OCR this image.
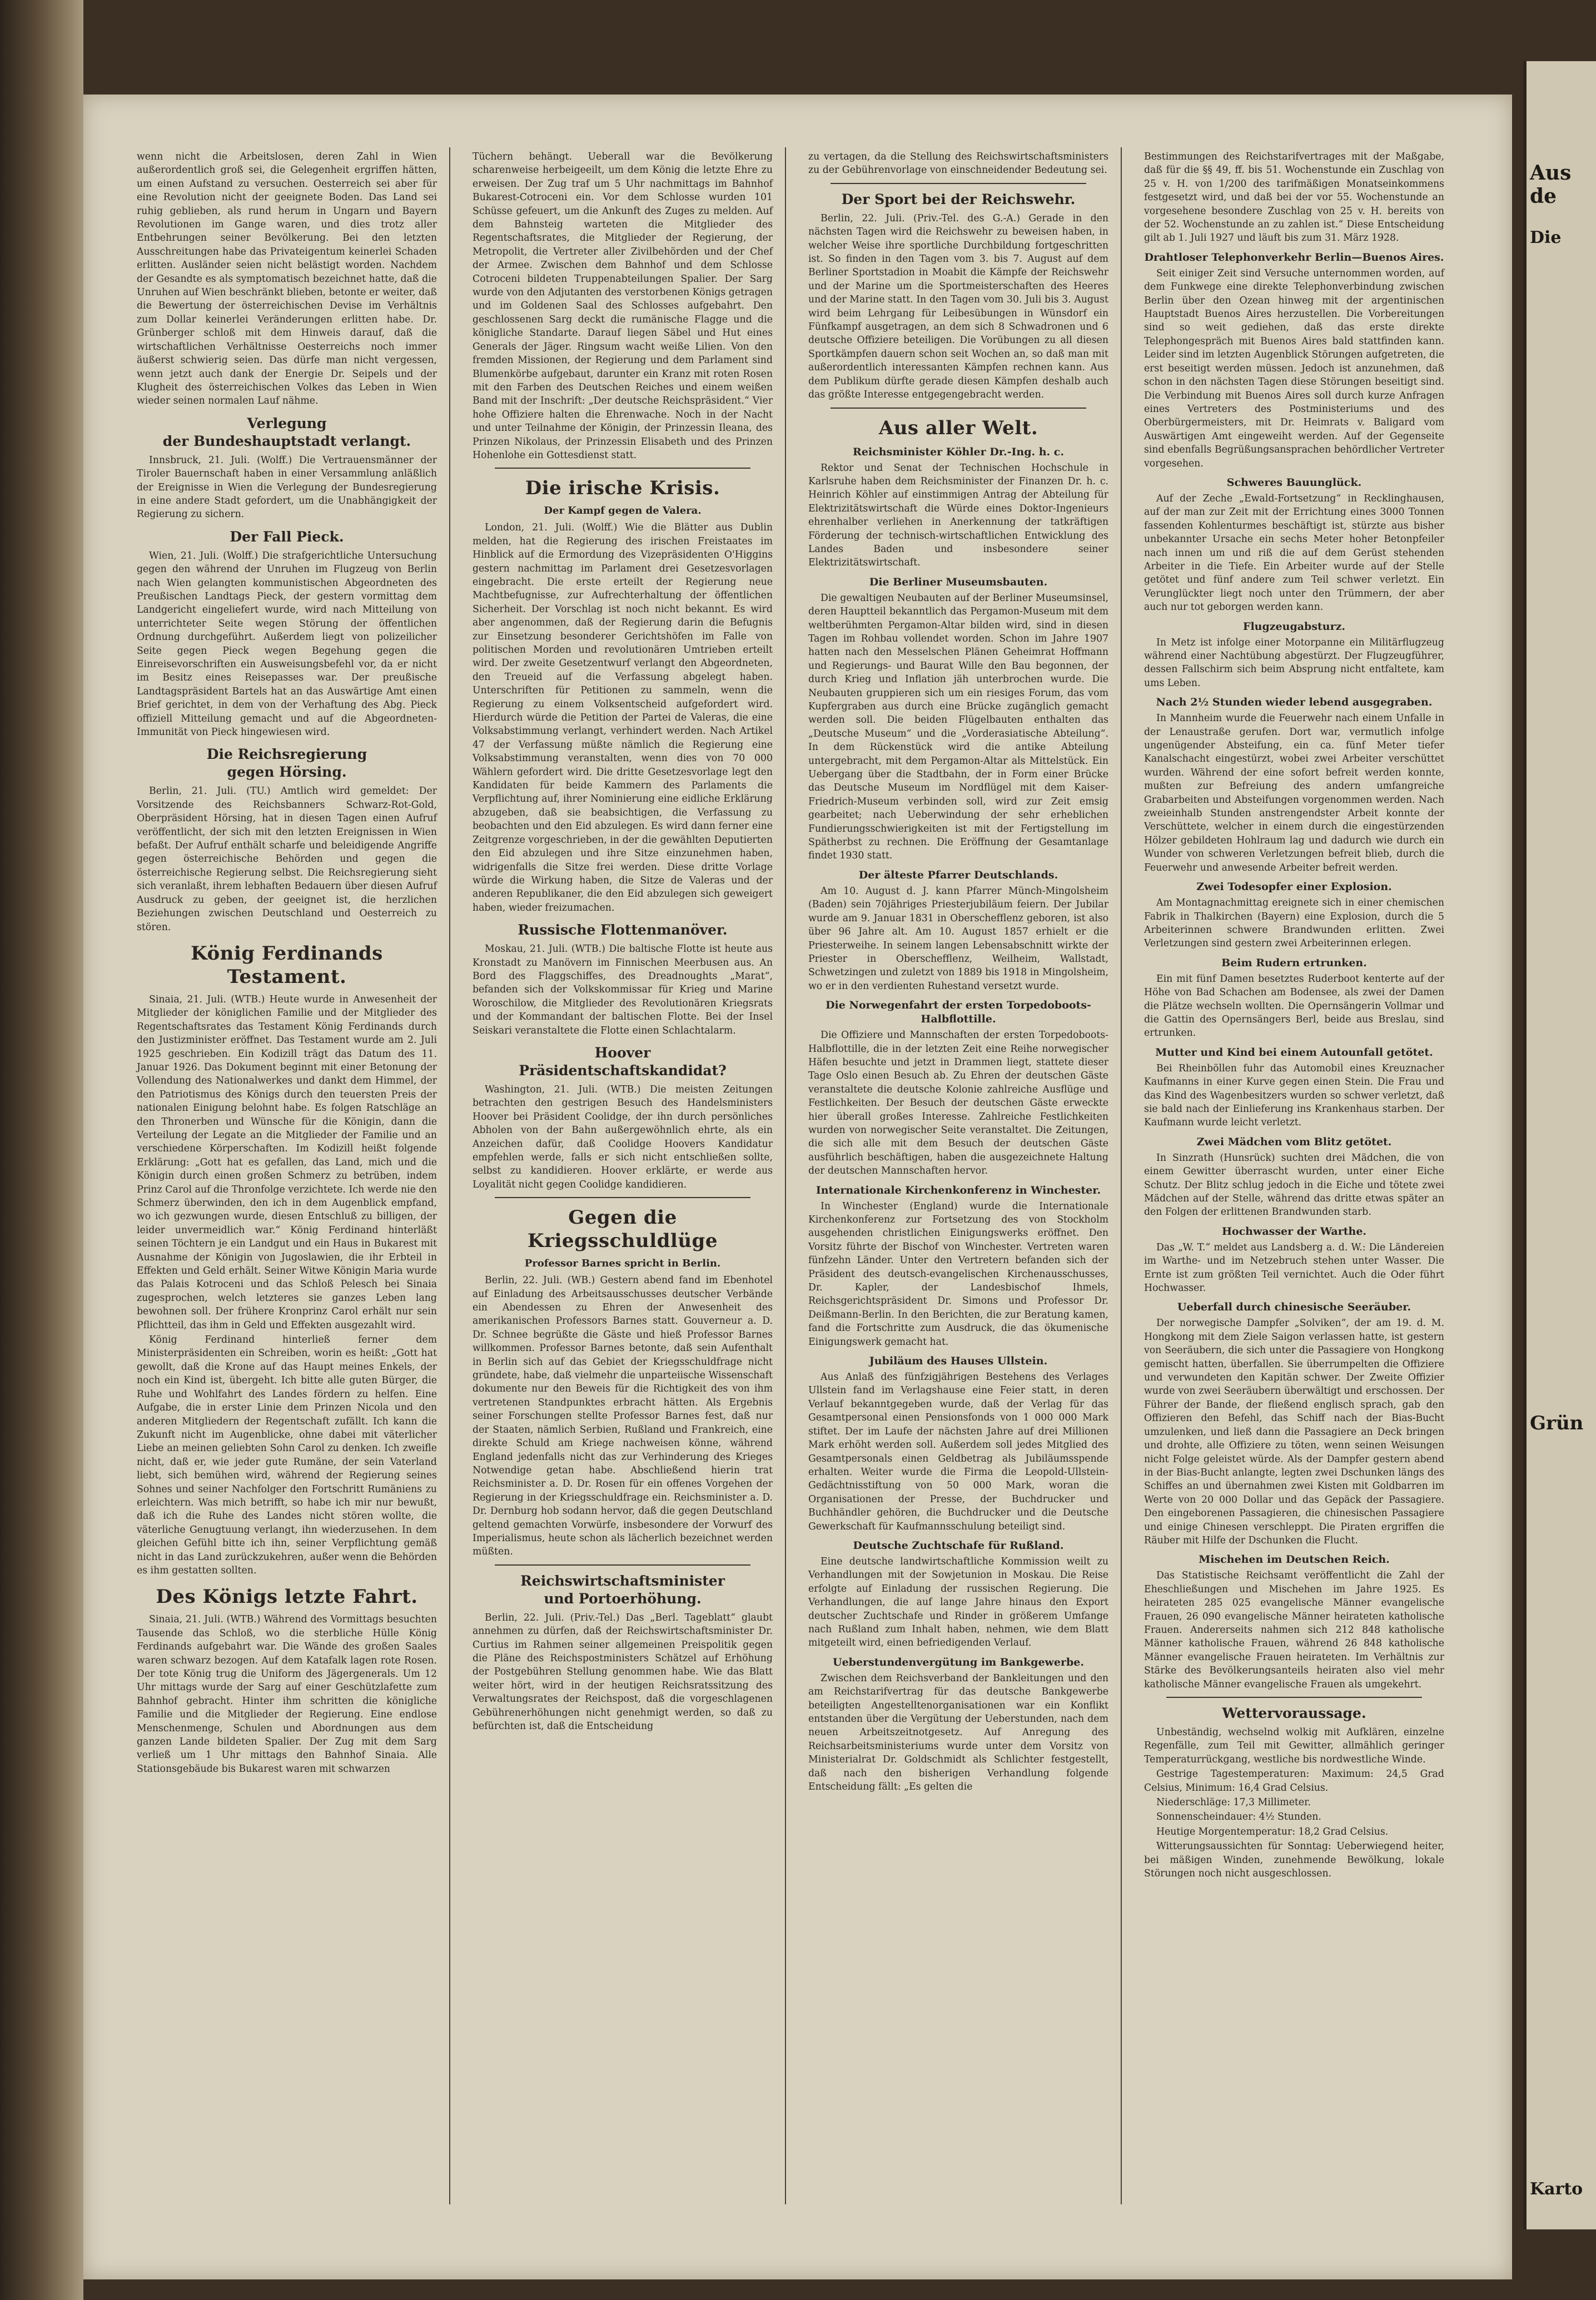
Aus de
Die
Grün
Karto

wenn nicht die Arbeitslosen, deren Zahl in Wien außerordentlich groß sei, die Gelegenheit ergriffen hätten, um einen Aufstand zu versuchen. Oesterreich sei aber für eine Revolution nicht der geeignete Boden. Das Land sei ruhig geblieben, als rund herum in Ungarn und Bayern Revolutionen im Gange waren, und dies trotz aller Entbehrungen seiner Bevölkerung. Bei den letzten Ausschreitungen habe das Privateigentum keinerlei Schaden erlitten. Ausländer seien nicht belästigt worden. Nachdem der Gesandte es als symptomatisch bezeichnet hatte, daß die Unruhen auf Wien beschränkt blieben, betonte er weiter, daß die Bewertung der österreichischen Devise im Verhältnis zum Dollar keinerlei Veränderungen erlitten habe. Dr. Grünberger schloß mit dem Hinweis darauf, daß die wirtschaftlichen Verhältnisse Oesterreichs noch immer äußerst schwierig seien. Das dürfe man nicht vergessen, wenn jetzt auch dank der Energie Dr. Seipels und der Klugheit des österreichischen Volkes das Leben in Wien wieder seinen normalen Lauf nähme.

Verlegung
der Bundeshauptstadt verlangt.

Innsbruck, 21. Juli. (Wolff.) Die Vertrauensmänner der Tiroler Bauernschaft haben in einer Versammlung anläßlich der Ereignisse in Wien die Verlegung der Bundesregierung in eine andere Stadt gefordert, um die Unabhängigkeit der Regierung zu sichern.

Der Fall Pieck.

Wien, 21. Juli. (Wolff.) Die strafgerichtliche Untersuchung gegen den während der Unruhen im Flugzeug von Berlin nach Wien gelangten kommunistischen Abgeordneten des Preußischen Landtags Pieck, der gestern vormittag dem Landgericht eingeliefert wurde, wird nach Mitteilung von unterrichteter Seite wegen Störung der öffentlichen Ordnung durchgeführt. Außerdem liegt von polizeilicher Seite gegen Pieck wegen Begehung gegen die Einreisevorschriften ein Ausweisungsbefehl vor, da er nicht im Besitz eines Reisepasses war. Der preußische Landtagspräsident Bartels hat an das Auswärtige Amt einen Brief gerichtet, in dem von der Verhaftung des Abg. Pieck offiziell Mitteilung gemacht und auf die Abgeordneten-Immunität von Pieck hingewiesen wird.

Die Reichsregierung
gegen Hörsing.

Berlin, 21. Juli. (TU.) Amtlich wird gemeldet: Der Vorsitzende des Reichsbanners Schwarz-Rot-Gold, Oberpräsident Hörsing, hat in diesen Tagen einen Aufruf veröffentlicht, der sich mit den letzten Ereignissen in Wien befaßt. Der Aufruf enthält scharfe und beleidigende Angriffe gegen österreichische Behörden und gegen die österreichische Regierung selbst. Die Reichsregierung sieht sich veranlaßt, ihrem lebhaften Bedauern über diesen Aufruf Ausdruck zu geben, der geeignet ist, die herzlichen Beziehungen zwischen Deutschland und Oesterreich zu stören.

König Ferdinands Testament.

Sinaia, 21. Juli. (WTB.) Heute wurde in Anwesenheit der Mitglieder der königlichen Familie und der Mitglieder des Regentschaftsrates das Testament König Ferdinands durch den Justizminister eröffnet. Das Testament wurde am 2. Juli 1925 geschrieben. Ein Kodizill trägt das Datum des 11. Januar 1926. Das Dokument beginnt mit einer Betonung der Vollendung des Nationalwerkes und dankt dem Himmel, der den Patriotismus des Königs durch den teuersten Preis der nationalen Einigung belohnt habe. Es folgen Ratschläge an den Thronerben und Wünsche für die Königin, dann die Verteilung der Legate an die Mitglieder der Familie und an verschiedene Körperschaften. Im Kodizill heißt folgende Erklärung: „Gott hat es gefallen, das Land, mich und die Königin durch einen großen Schmerz zu betrüben, indem Prinz Carol auf die Thronfolge verzichtete. Ich werde nie den Schmerz überwinden, den ich in dem Augenblick empfand, wo ich gezwungen wurde, diesen Entschluß zu billigen, der leider unvermeidlich war.“ König Ferdinand hinterläßt seinen Töchtern je ein Landgut und ein Haus in Bukarest mit Ausnahme der Königin von Jugoslawien, die ihr Erbteil in Effekten und Geld erhält. Seiner Witwe Königin Maria wurde das Palais Kotroceni und das Schloß Pelesch bei Sinaia zugesprochen, welch letzteres sie ganzes Leben lang bewohnen soll. Der frühere Kronprinz Carol erhält nur sein Pflichtteil, das ihm in Geld und Effekten ausgezahlt wird.

König Ferdinand hinterließ ferner dem Ministerpräsidenten ein Schreiben, worin es heißt: „Gott hat gewollt, daß die Krone auf das Haupt meines Enkels, der noch ein Kind ist, übergeht. Ich bitte alle guten Bürger, die Ruhe und Wohlfahrt des Landes fördern zu helfen. Eine Aufgabe, die in erster Linie dem Prinzen Nicola und den anderen Mitgliedern der Regentschaft zufällt. Ich kann die Zukunft nicht im Augenblicke, ohne dabei mit väterlicher Liebe an meinen geliebten Sohn Carol zu denken. Ich zweifle nicht, daß er, wie jeder gute Rumäne, der sein Vaterland liebt, sich bemühen wird, während der Regierung seines Sohnes und seiner Nachfolger den Fortschritt Rumäniens zu erleichtern. Was mich betrifft, so habe ich mir nur bewußt, daß ich die Ruhe des Landes nicht stören wollte, die väterliche Genugtuung verlangt, ihn wiederzusehen. In dem gleichen Gefühl bitte ich ihn, seiner Verpflichtung gemäß nicht in das Land zurückzukehren, außer wenn die Behörden es ihm gestatten sollten.

Des Königs letzte Fahrt.

Sinaia, 21. Juli. (WTB.) Während des Vormittags besuchten Tausende das Schloß, wo die sterbliche Hülle König Ferdinands aufgebahrt war. Die Wände des großen Saales waren schwarz bezogen. Auf dem Katafalk lagen rote Rosen. Der tote König trug die Uniform des Jägergenerals. Um 12 Uhr mittags wurde der Sarg auf einer Geschützlafette zum Bahnhof gebracht. Hinter ihm schritten die königliche Familie und die Mitglieder der Regierung. Eine endlose Menschenmenge, Schulen und Abordnungen aus dem ganzen Lande bildeten Spalier. Der Zug mit dem Sarg verließ um 1 Uhr mittags den Bahnhof Sinaia. Alle Stationsgebäude bis Bukarest waren mit schwarzen

Tüchern behängt. Ueberall war die Bevölkerung scharenweise herbeigeeilt, um dem König die letzte Ehre zu erweisen. Der Zug traf um 5 Uhr nachmittags im Bahnhof Bukarest-Cotroceni ein. Vor dem Schlosse wurden 101 Schüsse gefeuert, um die Ankunft des Zuges zu melden. Auf dem Bahnsteig warteten die Mitglieder des Regentschaftsrates, die Mitglieder der Regierung, der Metropolit, die Vertreter aller Zivilbehörden und der Chef der Armee. Zwischen dem Bahnhof und dem Schlosse Cotroceni bildeten Truppenabteilungen Spalier. Der Sarg wurde von den Adjutanten des verstorbenen Königs getragen und im Goldenen Saal des Schlosses aufgebahrt. Den geschlossenen Sarg deckt die rumänische Flagge und die königliche Standarte. Darauf liegen Säbel und Hut eines Generals der Jäger. Ringsum wacht weiße Lilien. Von den fremden Missionen, der Regierung und dem Parlament sind Blumenkörbe aufgebaut, darunter ein Kranz mit roten Rosen mit den Farben des Deutschen Reiches und einem weißen Band mit der Inschrift: „Der deutsche Reichspräsident.“ Vier hohe Offiziere halten die Ehrenwache. Noch in der Nacht und unter Teilnahme der Königin, der Prinzessin Ileana, des Prinzen Nikolaus, der Prinzessin Elisabeth und des Prinzen Hohenlohe ein Gottesdienst statt.

Die irische Krisis.
Der Kampf gegen de Valera.

London, 21. Juli. (Wolff.) Wie die Blätter aus Dublin melden, hat die Regierung des irischen Freistaates im Hinblick auf die Ermordung des Vizepräsidenten O'Higgins gestern nachmittag im Parlament drei Gesetzesvorlagen eingebracht. Die erste erteilt der Regierung neue Machtbefugnisse, zur Aufrechterhaltung der öffentlichen Sicherheit. Der Vorschlag ist noch nicht bekannt. Es wird aber angenommen, daß der Regierung darin die Befugnis zur Einsetzung besonderer Gerichtshöfen im Falle von politischen Morden und revolutionären Umtrieben erteilt wird. Der zweite Gesetzentwurf verlangt den Abgeordneten, den Treueid auf die Verfassung abgelegt haben. Unterschriften für Petitionen zu sammeln, wenn die Regierung zu einem Volksentscheid aufgefordert wird. Hierdurch würde die Petition der Partei de Valeras, die eine Volksabstimmung verlangt, verhindert werden. Nach Artikel 47 der Verfassung müßte nämlich die Regierung eine Volksabstimmung veranstalten, wenn dies von 70 000 Wählern gefordert wird. Die dritte Gesetzesvorlage legt den Kandidaten für beide Kammern des Parlaments die Verpflichtung auf, ihrer Nominierung eine eidliche Erklärung abzugeben, daß sie beabsichtigen, die Verfassung zu beobachten und den Eid abzulegen. Es wird dann ferner eine Zeitgrenze vorgeschrieben, in der die gewählten Deputierten den Eid abzulegen und ihre Sitze einzunehmen haben, widrigenfalls die Sitze frei werden. Diese dritte Vorlage würde die Wirkung haben, die Sitze de Valeras und der anderen Republikaner, die den Eid abzulegen sich geweigert haben, wieder freizumachen.

Russische Flottenmanöver.

Moskau, 21. Juli. (WTB.) Die baltische Flotte ist heute aus Kronstadt zu Manövern im Finnischen Meerbusen aus. An Bord des Flaggschiffes, des Dreadnoughts „Marat“, befanden sich der Volkskommissar für Krieg und Marine Woroschilow, die Mitglieder des Revolutionären Kriegsrats und der Kommandant der baltischen Flotte. Bei der Insel Seiskari veranstaltete die Flotte einen Schlachtalarm.

Hoover
Präsidentschaftskandidat?

Washington, 21. Juli. (WTB.) Die meisten Zeitungen betrachten den gestrigen Besuch des Handelsministers Hoover bei Präsident Coolidge, der ihn durch persönliches Abholen von der Bahn außergewöhnlich ehrte, als ein Anzeichen dafür, daß Coolidge Hoovers Kandidatur empfehlen werde, falls er sich nicht entschließen sollte, selbst zu kandidieren. Hoover erklärte, er werde aus Loyalität nicht gegen Coolidge kandidieren.

Gegen die Kriegsschuldlüge
Professor Barnes spricht in Berlin.

Berlin, 22. Juli. (WB.) Gestern abend fand im Ebenhotel auf Einladung des Arbeitsausschusses deutscher Verbände ein Abendessen zu Ehren der Anwesenheit des amerikanischen Professors Barnes statt. Gouverneur a. D. Dr. Schnee begrüßte die Gäste und hieß Professor Barnes willkommen. Professor Barnes betonte, daß sein Aufenthalt in Berlin sich auf das Gebiet der Kriegsschuldfrage nicht gründete, habe, daß vielmehr die unparteiische Wissenschaft dokumente nur den Beweis für die Richtigkeit des von ihm vertretenen Standpunktes erbracht hätten. Als Ergebnis seiner Forschungen stellte Professor Barnes fest, daß nur der Staaten, nämlich Serbien, Rußland und Frankreich, eine direkte Schuld am Kriege nachweisen könne, während England jedenfalls nicht das zur Verhinderung des Krieges Notwendige getan habe. Abschließend hierin trat Reichsminister a. D. Dr. Rosen für ein offenes Vorgehen der Regierung in der Kriegsschuldfrage ein. Reichsminister a. D. Dr. Dernburg hob sodann hervor, daß die gegen Deutschland geltend gemachten Vorwürfe, insbesondere der Vorwurf des Imperialismus, heute schon als lächerlich bezeichnet werden müßten.

Reichswirtschaftsminister
und Portoerhöhung.

Berlin, 22. Juli. (Priv.-Tel.) Das „Berl. Tageblatt“ glaubt annehmen zu dürfen, daß der Reichswirtschaftsminister Dr. Curtius im Rahmen seiner allgemeinen Preispolitik gegen die Pläne des Reichspostministers Schätzel auf Erhöhung der Postgebühren Stellung genommen habe. Wie das Blatt weiter hört, wird in der heutigen Reichsratssitzung des Verwaltungsrates der Reichspost, daß die vorgeschlagenen Gebührenerhöhungen nicht genehmigt werden, so daß zu befürchten ist, daß die Entscheidung

zu vertagen, da die Stellung des Reichswirtschaftsministers zu der Gebührenvorlage von einschneidender Bedeutung sei.

Der Sport bei der Reichswehr.

Berlin, 22. Juli. (Priv.-Tel. des G.-A.) Gerade in den nächsten Tagen wird die Reichswehr zu beweisen haben, in welcher Weise ihre sportliche Durchbildung fortgeschritten ist. So finden in den Tagen vom 3. bis 7. August auf dem Berliner Sportstadion in Moabit die Kämpfe der Reichswehr und der Marine um die Sportmeisterschaften des Heeres und der Marine statt. In den Tagen vom 30. Juli bis 3. August wird beim Lehrgang für Leibesübungen in Wünsdorf ein Fünfkampf ausgetragen, an dem sich 8 Schwadronen und 6 deutsche Offiziere beteiligen. Die Vorübungen zu all diesen Sportkämpfen dauern schon seit Wochen an, so daß man mit außerordentlich interessanten Kämpfen rechnen kann. Aus dem Publikum dürfte gerade diesen Kämpfen deshalb auch das größte Interesse entgegengebracht werden.

Aus aller Welt.
Reichsminister Köhler Dr.-Ing. h. c.

Rektor und Senat der Technischen Hochschule in Karlsruhe haben dem Reichsminister der Finanzen Dr. h. c. Heinrich Köhler auf einstimmigen Antrag der Abteilung für Elektrizitätswirtschaft die Würde eines Doktor-Ingenieurs ehrenhalber verliehen in Anerkennung der tatkräftigen Förderung der technisch-wirtschaftlichen Entwicklung des Landes Baden und insbesondere seiner Elektrizitätswirtschaft.

Die Berliner Museumsbauten.

Die gewaltigen Neubauten auf der Berliner Museumsinsel, deren Hauptteil bekanntlich das Pergamon-Museum mit dem weltberühmten Pergamon-Altar bilden wird, sind in diesen Tagen im Rohbau vollendet worden. Schon im Jahre 1907 hatten nach den Messelschen Plänen Geheimrat Hoffmann und Regierungs- und Baurat Wille den Bau begonnen, der durch Krieg und Inflation jäh unterbrochen wurde. Die Neubauten gruppieren sich um ein riesiges Forum, das vom Kupfergraben aus durch eine Brücke zugänglich gemacht werden soll. Die beiden Flügelbauten enthalten das „Deutsche Museum“ und die „Vorderasiatische Abteilung“. In dem Rückenstück wird die antike Abteilung untergebracht, mit dem Pergamon-Altar als Mittelstück. Ein Uebergang über die Stadtbahn, der in Form einer Brücke das Deutsche Museum im Nordflügel mit dem Kaiser-Friedrich-Museum verbinden soll, wird zur Zeit emsig gearbeitet; nach Ueberwindung der sehr erheblichen Fundierungsschwierigkeiten ist mit der Fertigstellung im Spätherbst zu rechnen. Die Eröffnung der Gesamtanlage findet 1930 statt.

Der älteste Pfarrer Deutschlands.

Am 10. August d. J. kann Pfarrer Münch-Mingolsheim (Baden) sein 70jähriges Priesterjubiläum feiern. Der Jubilar wurde am 9. Januar 1831 in Oberschefflenz geboren, ist also über 96 Jahre alt. Am 10. August 1857 erhielt er die Priesterweihe. In seinem langen Lebensabschnitt wirkte der Priester in Oberschefflenz, Weilheim, Wallstadt, Schwetzingen und zuletzt von 1889 bis 1918 in Mingolsheim, wo er in den verdienten Ruhestand versetzt wurde.

Die Norwegenfahrt der ersten Torpedoboots-Halbflottille.

Die Offiziere und Mannschaften der ersten Torpedoboots-Halbflottille, die in der letzten Zeit eine Reihe norwegischer Häfen besuchte und jetzt in Drammen liegt, stattete dieser Tage Oslo einen Besuch ab. Zu Ehren der deutschen Gäste veranstaltete die deutsche Kolonie zahlreiche Ausflüge und Festlichkeiten. Der Besuch der deutschen Gäste erweckte hier überall großes Interesse. Zahlreiche Festlichkeiten wurden von norwegischer Seite veranstaltet. Die Zeitungen, die sich alle mit dem Besuch der deutschen Gäste ausführlich beschäftigen, haben die ausgezeichnete Haltung der deutschen Mannschaften hervor.

Internationale Kirchenkonferenz in Winchester.

In Winchester (England) wurde die Internationale Kirchenkonferenz zur Fortsetzung des von Stockholm ausgehenden christlichen Einigungswerks eröffnet. Den Vorsitz führte der Bischof von Winchester. Vertreten waren fünfzehn Länder. Unter den Vertretern befanden sich der Präsident des deutsch-evangelischen Kirchenausschusses, Dr. Kapler, der Landesbischof Ihmels, Reichsgerichtspräsident Dr. Simons und Professor Dr. Deißmann-Berlin. In den Berichten, die zur Beratung kamen, fand die Fortschritte zum Ausdruck, die das ökumenische Einigungswerk gemacht hat.

Jubiläum des Hauses Ullstein.

Aus Anlaß des fünfzigjährigen Bestehens des Verlages Ullstein fand im Verlagshause eine Feier statt, in deren Verlauf bekanntgegeben wurde, daß der Verlag für das Gesamtpersonal einen Pensionsfonds von 1 000 000 Mark stiftet. Der im Laufe der nächsten Jahre auf drei Millionen Mark erhöht werden soll. Außerdem soll jedes Mitglied des Gesamtpersonals einen Geldbetrag als Jubiläumsspende erhalten. Weiter wurde die Firma die Leopold-Ullstein-Gedächtnisstiftung von 50 000 Mark, woran die Organisationen der Presse, der Buchdrucker und Buchhändler gehören, die Buchdrucker und die Deutsche Gewerkschaft für Kaufmannsschulung beteiligt sind.

Deutsche Zuchtschafe für Rußland.

Eine deutsche landwirtschaftliche Kommission weilt zu Verhandlungen mit der Sowjetunion in Moskau. Die Reise erfolgte auf Einladung der russischen Regierung. Die Verhandlungen, die auf lange Jahre hinaus den Export deutscher Zuchtschafe und Rinder in größerem Umfange nach Rußland zum Inhalt haben, nehmen, wie dem Blatt mitgeteilt wird, einen befriedigenden Verlauf.

Ueberstundenvergütung im Bankgewerbe.

Zwischen dem Reichsverband der Bankleitungen und den am Reichstarifvertrag für das deutsche Bankgewerbe beteiligten Angestelltenorganisationen war ein Konflikt entstanden über die Vergütung der Ueberstunden, nach dem neuen Arbeitszeitnotgesetz. Auf Anregung des Reichsarbeitsministeriums wurde unter dem Vorsitz von Ministerialrat Dr. Goldschmidt als Schlichter festgestellt, daß nach den bisherigen Verhandlung folgende Entscheidung fällt: „Es gelten die

Bestimmungen des Reichstarifvertrages mit der Maßgabe, daß für die §§ 49, ff. bis 51. Wochenstunde ein Zuschlag von 25 v. H. von 1/200 des tarifmäßigen Monatseinkommens festgesetzt wird, und daß bei der vor 55. Wochenstunde an vorgesehene besondere Zuschlag von 25 v. H. bereits von der 52. Wochenstunde an zu zahlen ist.“ Diese Entscheidung gilt ab 1. Juli 1927 und läuft bis zum 31. März 1928.

Drahtloser Telephonverkehr Berlin—Buenos Aires.

Seit einiger Zeit sind Versuche unternommen worden, auf dem Funkwege eine direkte Telephonverbindung zwischen Berlin über den Ozean hinweg mit der argentinischen Hauptstadt Buenos Aires herzustellen. Die Vorbereitungen sind so weit gediehen, daß das erste direkte Telephongespräch mit Buenos Aires bald stattfinden kann. Leider sind im letzten Augenblick Störungen aufgetreten, die erst beseitigt werden müssen. Jedoch ist anzunehmen, daß schon in den nächsten Tagen diese Störungen beseitigt sind. Die Verbindung mit Buenos Aires soll durch kurze Anfragen eines Vertreters des Postministeriums und des Oberbürgermeisters, mit Dr. Heimrats v. Baligard vom Auswärtigen Amt eingeweiht werden. Auf der Gegenseite sind ebenfalls Begrüßungsansprachen behördlicher Vertreter vorgesehen.

Schweres Bauunglück.

Auf der Zeche „Ewald-Fortsetzung“ in Recklinghausen, auf der man zur Zeit mit der Errichtung eines 3000 Tonnen fassenden Kohlenturmes beschäftigt ist, stürzte aus bisher unbekannter Ursache ein sechs Meter hoher Betonpfeiler nach innen um und riß die auf dem Gerüst stehenden Arbeiter in die Tiefe. Ein Arbeiter wurde auf der Stelle getötet und fünf andere zum Teil schwer verletzt. Ein Verunglückter liegt noch unter den Trümmern, der aber auch nur tot geborgen werden kann.

Flugzeugabsturz.

In Metz ist infolge einer Motorpanne ein Militärflugzeug während einer Nachtübung abgestürzt. Der Flugzeugführer, dessen Fallschirm sich beim Absprung nicht entfaltete, kam ums Leben.

Nach 2½ Stunden wieder lebend ausgegraben.

In Mannheim wurde die Feuerwehr nach einem Unfalle in der Lenaustraße gerufen. Dort war, vermutlich infolge ungenügender Absteifung, ein ca. fünf Meter tiefer Kanalschacht eingestürzt, wobei zwei Arbeiter verschüttet wurden. Während der eine sofort befreit werden konnte, mußten zur Befreiung des andern umfangreiche Grabarbeiten und Absteifungen vorgenommen werden. Nach zweieinhalb Stunden anstrengendster Arbeit konnte der Verschüttete, welcher in einem durch die eingestürzenden Hölzer gebildeten Hohlraum lag und dadurch wie durch ein Wunder von schweren Verletzungen befreit blieb, durch die Feuerwehr und anwesende Arbeiter befreit werden.

Zwei Todesopfer einer Explosion.

Am Montagnachmittag ereignete sich in einer chemischen Fabrik in Thalkirchen (Bayern) eine Explosion, durch die 5 Arbeiterinnen schwere Brandwunden erlitten. Zwei Verletzungen sind gestern zwei Arbeiterinnen erlegen.

Beim Rudern ertrunken.

Ein mit fünf Damen besetztes Ruderboot kenterte auf der Höhe von Bad Schachen am Bodensee, als zwei der Damen die Plätze wechseln wollten. Die Opernsängerin Vollmar und die Gattin des Opernsängers Berl, beide aus Breslau, sind ertrunken.

Mutter und Kind bei einem Autounfall getötet.

Bei Rheinböllen fuhr das Automobil eines Kreuznacher Kaufmanns in einer Kurve gegen einen Stein. Die Frau und das Kind des Wagenbesitzers wurden so schwer verletzt, daß sie bald nach der Einlieferung ins Krankenhaus starben. Der Kaufmann wurde leicht verletzt.

Zwei Mädchen vom Blitz getötet.

In Sinzrath (Hunsrück) suchten drei Mädchen, die von einem Gewitter überrascht wurden, unter einer Eiche Schutz. Der Blitz schlug jedoch in die Eiche und tötete zwei Mädchen auf der Stelle, während das dritte etwas später an den Folgen der erlittenen Brandwunden starb.

Hochwasser der Warthe.

Das „W. T.“ meldet aus Landsberg a. d. W.: Die Ländereien im Warthe- und im Netzebruch stehen unter Wasser. Die Ernte ist zum größten Teil vernichtet. Auch die Oder führt Hochwasser.

Ueberfall durch chinesische Seeräuber.

Der norwegische Dampfer „Solviken“, der am 19. d. M. Hongkong mit dem Ziele Saigon verlassen hatte, ist gestern von Seeräubern, die sich unter die Passagiere von Hongkong gemischt hatten, überfallen. Sie überrumpelten die Offiziere und verwundeten den Kapitän schwer. Der Zweite Offizier wurde von zwei Seeräubern überwältigt und erschossen. Der Führer der Bande, der fließend englisch sprach, gab den Offizieren den Befehl, das Schiff nach der Bias-Bucht umzulenken, und ließ dann die Passagiere an Deck bringen und drohte, alle Offiziere zu töten, wenn seinen Weisungen nicht Folge geleistet würde. Als der Dampfer gestern abend in der Bias-Bucht anlangte, legten zwei Dschunken längs des Schiffes an und übernahmen zwei Kisten mit Goldbarren im Werte von 20 000 Dollar und das Gepäck der Passagiere. Den eingeborenen Passagieren, die chinesischen Passagiere und einige Chinesen verschleppt. Die Piraten ergriffen die Räuber mit Hilfe der Dschunken die Flucht.

Mischehen im Deutschen Reich.

Das Statistische Reichsamt veröffentlicht die Zahl der Eheschließungen und Mischehen im Jahre 1925. Es heirateten 285 025 evangelische Männer evangelische Frauen, 26 090 evangelische Männer heirateten katholische Frauen. Andererseits nahmen sich 212 848 katholische Männer katholische Frauen, während 26 848 katholische Männer evangelische Frauen heirateten. Im Verhältnis zur Stärke des Bevölkerungsanteils heiraten also viel mehr katholische Männer evangelische Frauen als umgekehrt.

Wettervoraussage.

Unbeständig, wechselnd wolkig mit Aufklären, einzelne Regenfälle, zum Teil mit Gewitter, allmählich geringer Temperaturrückgang, westliche bis nordwestliche Winde.

Gestrige Tagestemperaturen: Maximum: 24,5 Grad Celsius, Minimum: 16,4 Grad Celsius.

Niederschläge: 17,3 Millimeter.

Sonnenscheindauer: 4½ Stunden.

Heutige Morgentemperatur: 18,2 Grad Celsius.

Witterungsaussichten für Sonntag: Ueberwiegend heiter, bei mäßigen Winden, zunehmende Bewölkung, lokale Störungen noch nicht ausgeschlossen.
